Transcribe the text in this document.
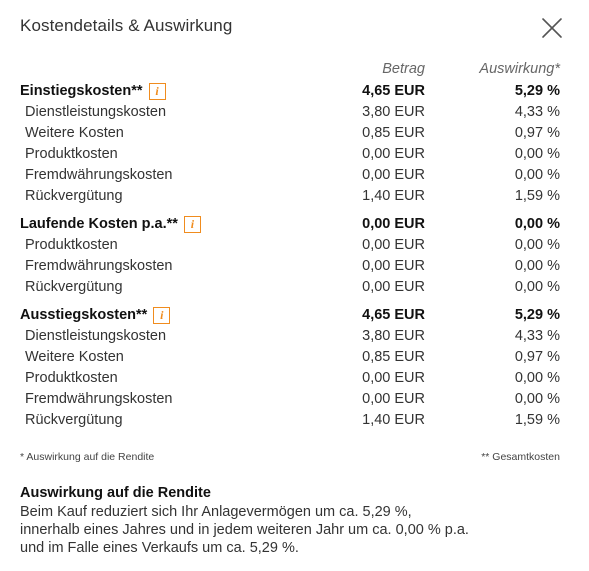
Kostendetails & Auswirkung
Betrag	Auswirkung*
Einstiegskosten**	i	4,65 EUR	5,29 %
Dienstleistungskosten	3,80 EUR	4,33 %
Weitere Kosten	0,85 EUR	0,97 %
Produktkosten	0,00 EUR	0,00 %
Fremdwährungskosten	0,00 EUR	0,00 %
Rückvergütung	1,40 EUR	1,59 %
Laufende Kosten p.a.**	i	0,00 EUR	0,00 %
Produktkosten	0,00 EUR	0,00 %
Fremdwährungskosten	0,00 EUR	0,00 %
Rückvergütung	0,00 EUR	0,00 %
Ausstiegskosten**	i	4,65 EUR	5,29 %
Dienstleistungskosten	3,80 EUR	4,33 %
Weitere Kosten	0,85 EUR	0,97 %
Produktkosten	0,00 EUR	0,00 %
Fremdwährungskosten	0,00 EUR	0,00 %
Rückvergütung	1,40 EUR	1,59 %
* Auswirkung auf die Rendite	** Gesamtkosten
Auswirkung auf die Rendite

Beim Kauf reduziert sich Ihr Anlagevermögen um ca. 5,29 %,
innerhalb eines Jahres und in jedem weiteren Jahr um ca. 0,00 % p.a.
und im Falle eines Verkaufs um ca. 5,29 %.
